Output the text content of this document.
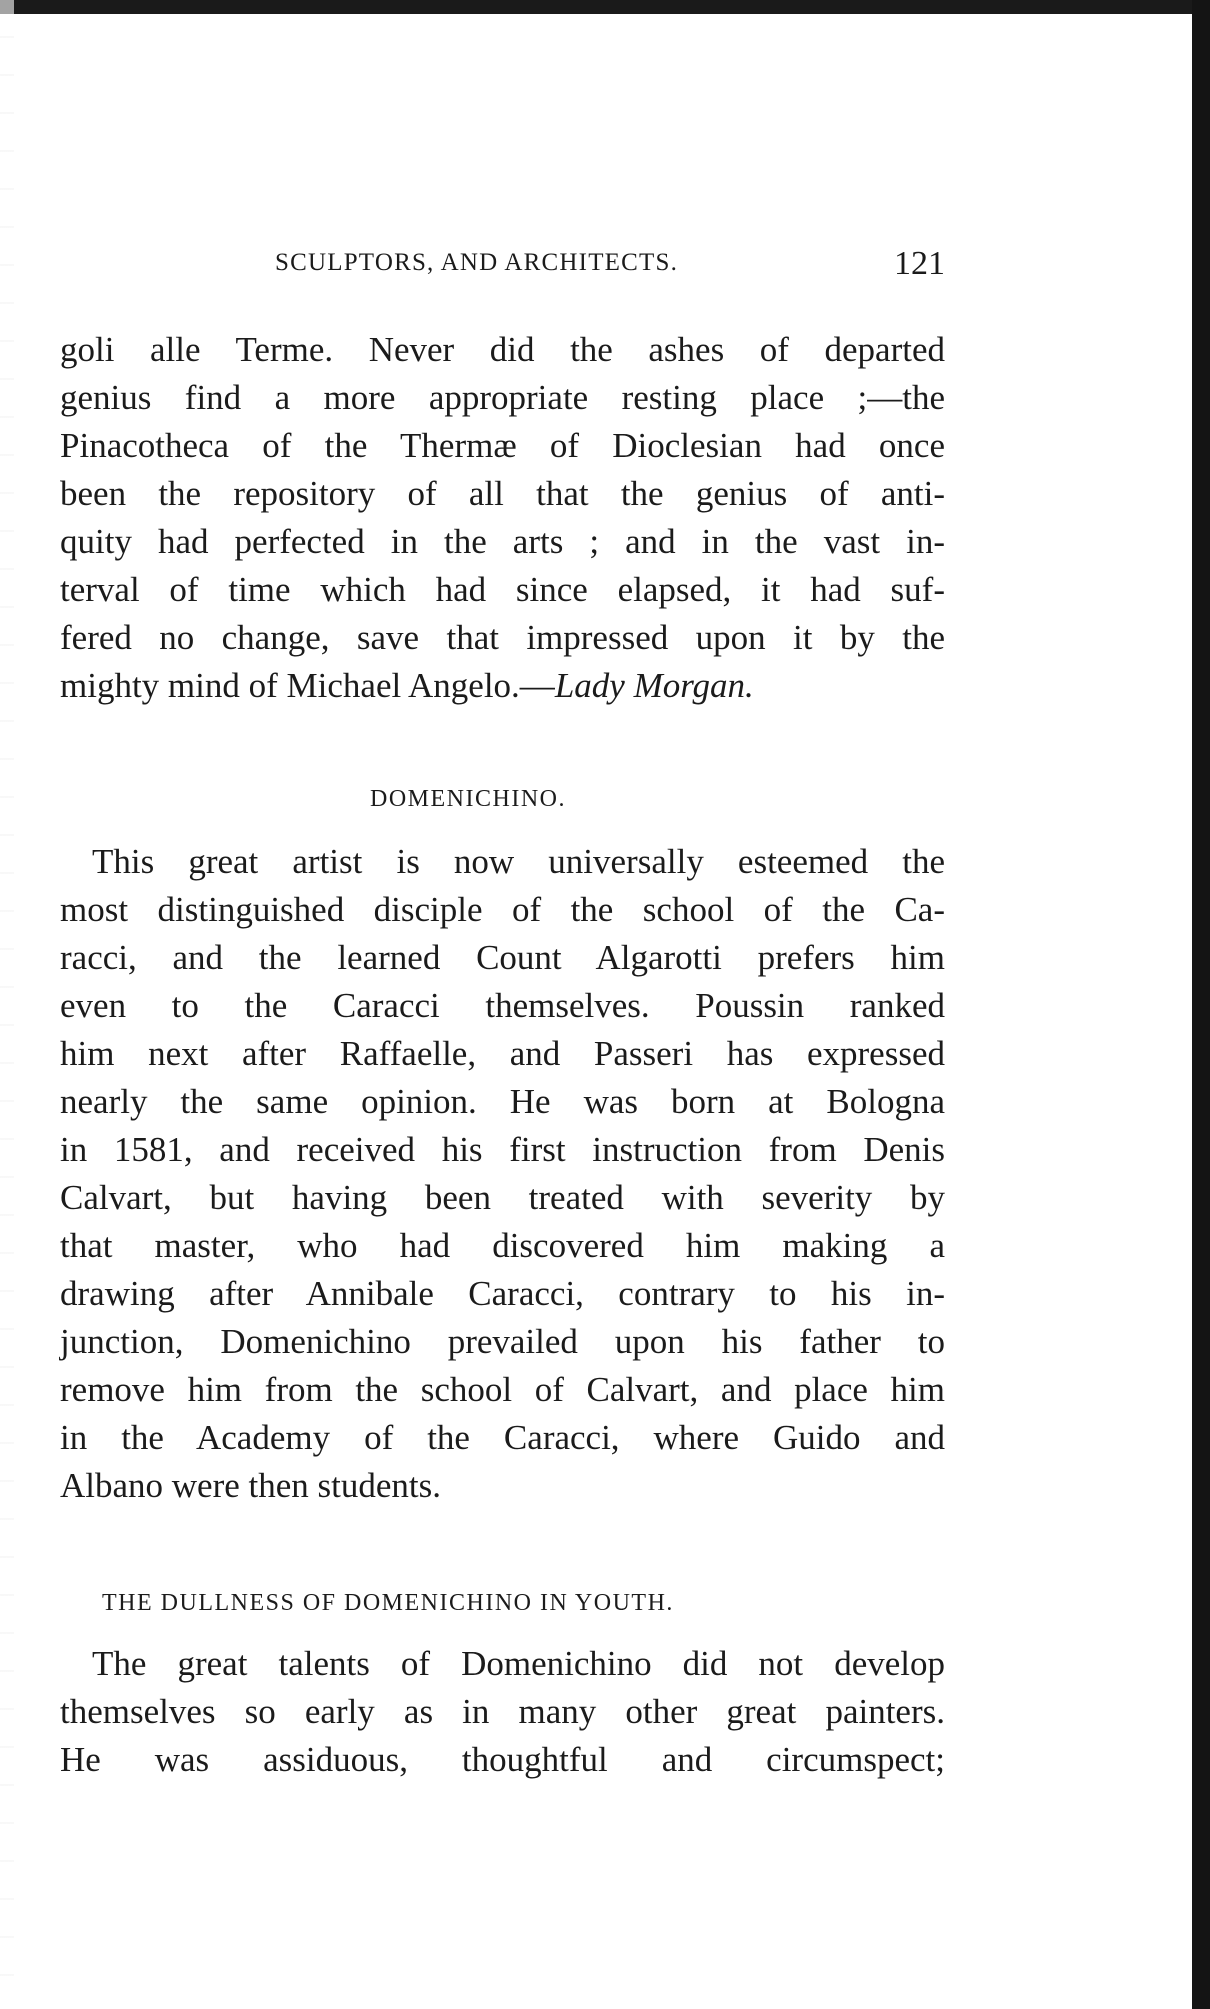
SCULPTORS, AND ARCHITECTS.	121
goli alle Terme. Never did the ashes of departed
genius find a more appropriate resting place ;—the
Pinacotheca of the Thermæ of Dioclesian had once
been the repository of all that the genius of anti-
quity had perfected in the arts ; and in the vast in-
terval of time which had since elapsed, it had suf-
fered no change, save that impressed upon it by the
mighty mind of Michael Angelo.—Lady Morgan.
DOMENICHINO.
This great artist is now universally esteemed the
most distinguished disciple of the school of the Ca-
racci, and the learned Count Algarotti prefers him
even to the Caracci themselves. Poussin ranked
him next after Raffaelle, and Passeri has expressed
nearly the same opinion. He was born at Bologna
in 1581, and received his first instruction from Denis
Calvart, but having been treated with severity by
that master, who had discovered him making a
drawing after Annibale Caracci, contrary to his in-
junction, Domenichino prevailed upon his father to
remove him from the school of Calvart, and place him
in the Academy of the Caracci, where Guido and
Albano were then students.
THE DULLNESS OF DOMENICHINO IN YOUTH.
The great talents of Domenichino did not develop
themselves so early as in many other great painters.
He was assiduous, thoughtful and circumspect;
